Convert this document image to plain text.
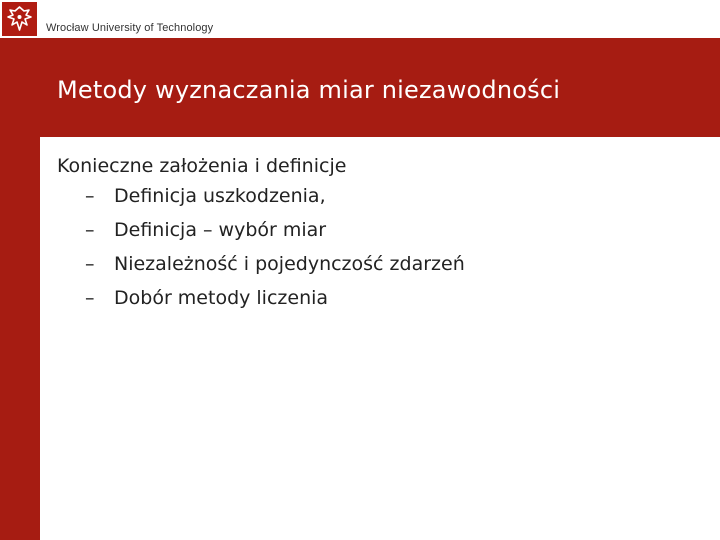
Wrocław University of Technology
Metody wyznaczania miar niezawodności
Konieczne założenia i definicje
– Definicja uszkodzenia,
– Definicja – wybór miar
– Niezależność i pojedynczość zdarzeń
– Dobór metody liczenia
